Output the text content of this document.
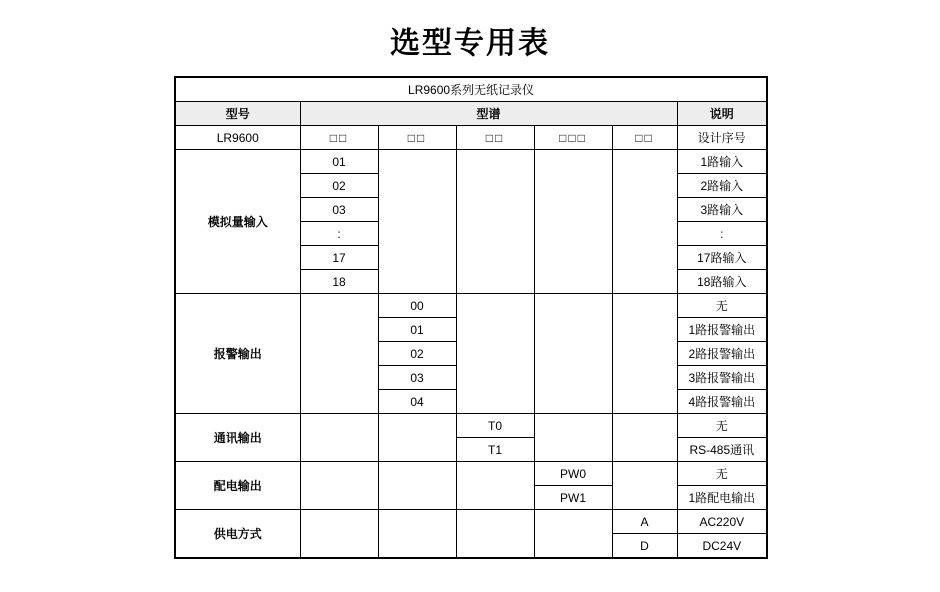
选型专用表
LR9600系列无纸记录仪						
型号	型谱					说明
LR9600	□□	□□	□□	□□□	□□	设计序号
模拟量输入	01					1路输入
	02					2路输入
	03					3路输入
	:					:
	17					17路输入
	18					18路输入
报警输出		00				无
		01				1路报警输出
		02				2路报警输出
		03				3路报警输出
		04				4路报警输出
通讯输出			T0			无
			T1			RS-485通讯
配电输出				PW0		无
				PW1		1路配电输出
供电方式					A	AC220V
					D	DC24V
